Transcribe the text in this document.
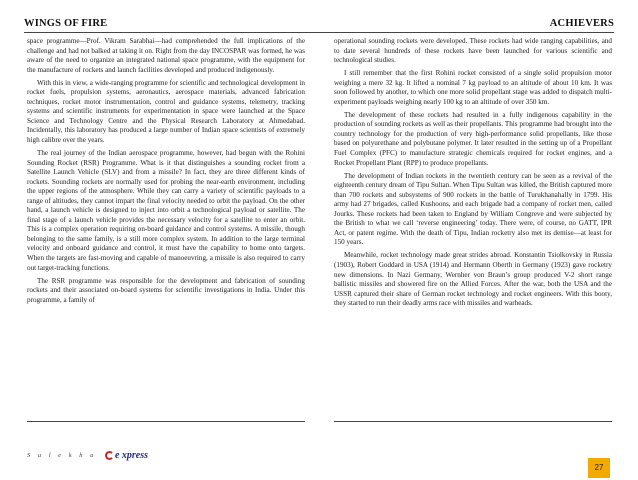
WINGS OF FIRE	ACHIEVERS

space programme—Prof. Vikram Sarabhai—had comprehended the full implications of the challenge and had not balked at taking it on. Right from the day INCOSPAR was formed, he was aware of the need to organize an integrated national space programme, with the equipment for the manufacture of rockets and launch facilities developed and produced indigenously.

With this in view, a wide-ranging programme for scientific and technological development in rocket fuels, propulsion systems, aeronautics, aerospace materials, advanced fabrication techniques, rocket motor instrumentation, control and guidance systems, telemetry, tracking systems and scientific instruments for experimentation in space were launched at the Space Science and Technology Centre and the Physical Research Laboratory at Ahmedabad. Incidentally, this laboratory has produced a large number of Indian space scientists of extremely high calibre over the years.

The real journey of the Indian aerospace programme, however, had begun with the Rohini Sounding Rocket (RSR) Programme. What is it that distinguishes a sounding rocket from a Satellite Launch Vehicle (SLV) and from a missile? In fact, they are three different kinds of rockets. Sounding rockets are normally used for probing the near-earth environment, including the upper regions of the atmosphere. While they can carry a variety of scientific payloads to a range of altitudes, they cannot impart the final velocity needed to orbit the payload. On the other hand, a launch vehicle is designed to inject into orbit a technological payload or satellite. The final stage of a launch vehicle provides the necessary velocity for a satellite to enter an orbit. This is a complex operation requiring on-board guidance and control systems. A missile, though belonging to the same family, is a still more complex system. In addition to the large terminal velocity and onboard guidance and control, it must have the capability to home onto targets. When the targets are fast-moving and capable of manoeuvring, a missile is also required to carry out target-tracking functions.

The RSR programme was responsible for the development and fabrication of sounding rockets and their associated on-board systems for scientific investigations in India. Under this programme, a family of

operational sounding rockets were developed. These rockets had wide ranging capabilities, and to date several hundreds of these rockets have been launched for various scientific and technological studies.

I still remember that the first Rohini rocket consisted of a single solid propulsion motor weighing a mere 32 kg. It lifted a nominal 7 kg payload to an altitude of about 10 km. It was soon followed by another, to which one more solid propellant stage was added to dispatch multi-experiment payloads weighing nearly 100 kg to an altitude of over 350 km.

The development of these rockets had resulted in a fully indigenous capability in the production of sounding rockets as well as their propellants. This programme had brought into the country technology for the production of very high-performance solid propellants, like those based on polyurethane and polybutane polymer. It later resulted in the setting up of a Propellant Fuel Complex (PFC) to manufacture strategic chemicals required for rocket engines, and a Rocket Propellant Plant (RPP) to produce propellants.

The development of Indian rockets in the twentieth century can be seen as a revival of the eighteenth century dream of Tipu Sultan. When Tipu Sultan was killed, the British captured more than 700 rockets and subsystems of 900 rockets in the battle of Turukhanahally in 1799. His army had 27 brigades, called Kushoons, and each brigade had a company of rocket men, called Jourks. These rockets had been taken to England by William Congreve and were subjected by the British to what we call ‘reverse engineering’ today. There were, of course, no GATT, IPR Act, or patent regime. With the death of Tipu, Indian rocketry also met its demise—at least for 150 years.

Meanwhile, rocket technology made great strides abroad. Konstantin Tsiolkovsky in Russia (1903), Robert Goddard in USA (1914) and Hermann Oberth in Germany (1923) gave rocketry new dimensions. In Nazi Germany, Wernher von Braun’s group produced V-2 short range ballistic missiles and showered fire on the Allied Forces. After the war, both the USA and the USSR captured their share of German rocket technology and rocket engineers. With this booty, they started to run their deadly arms race with missiles and warheads.

S u l e k h a e xpress
27
